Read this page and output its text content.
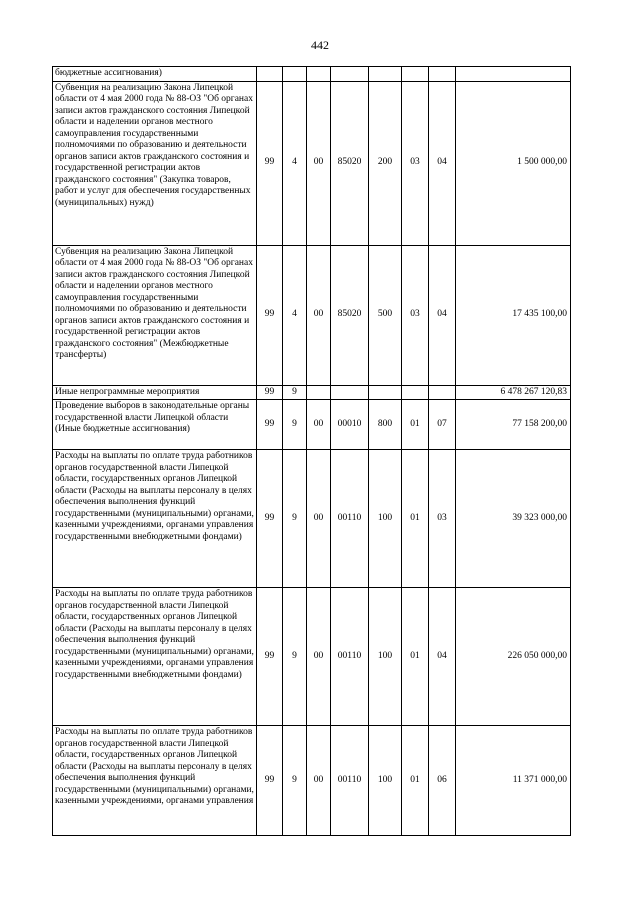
442
бюджетные ассигнования)								
Субвенция на реализацию Закона Липецкой области от 4 мая 2000 года № 88-ОЗ "Об органах записи актов гражданского состояния Липецкой области и наделении органов местного самоуправления государственными полномочиями по образованию и деятельности органов записи актов гражданского состояния и государственной регистрации актов гражданского состояния" (Закупка товаров, работ и услуг для обеспечения государственных (муниципальных) нужд)	99	4	00	85020	200	03	04	1 500 000,00
Субвенция на реализацию Закона Липецкой области от 4 мая 2000 года № 88-ОЗ "Об органах записи актов гражданского состояния Липецкой области и наделении органов местного самоуправления государственными полномочиями по образованию и деятельности органов записи актов гражданского состояния и государственной регистрации актов гражданского состояния" (Межбюджетные трансферты)	99	4	00	85020	500	03	04	17 435 100,00
Иные непрограммные мероприятия	99	9						6 478 267 120,83
Проведение выборов в законодательные органы государственной власти Липецкой области (Иные бюджетные ассигнования)	99	9	00	00010	800	01	07	77 158 200,00
Расходы на выплаты по оплате труда работников органов государственной власти Липецкой области, государственных органов Липецкой области (Расходы на выплаты персоналу в целях обеспечения выполнения функций государственными (муниципальными) органами, казенными учреждениями, органами управления государственными внебюджетными фондами)	99	9	00	00110	100	01	03	39 323 000,00
Расходы на выплаты по оплате труда работников органов государственной власти Липецкой области, государственных органов Липецкой области (Расходы на выплаты персоналу в целях обеспечения выполнения функций государственными (муниципальными) органами, казенными учреждениями, органами управления государственными внебюджетными фондами)	99	9	00	00110	100	01	04	226 050 000,00
Расходы на выплаты по оплате труда работников органов государственной власти Липецкой области, государственных органов Липецкой области (Расходы на выплаты персоналу в целях обеспечения выполнения функций государственными (муниципальными) органами, казенными учреждениями, органами управления	99	9	00	00110	100	01	06	11 371 000,00
